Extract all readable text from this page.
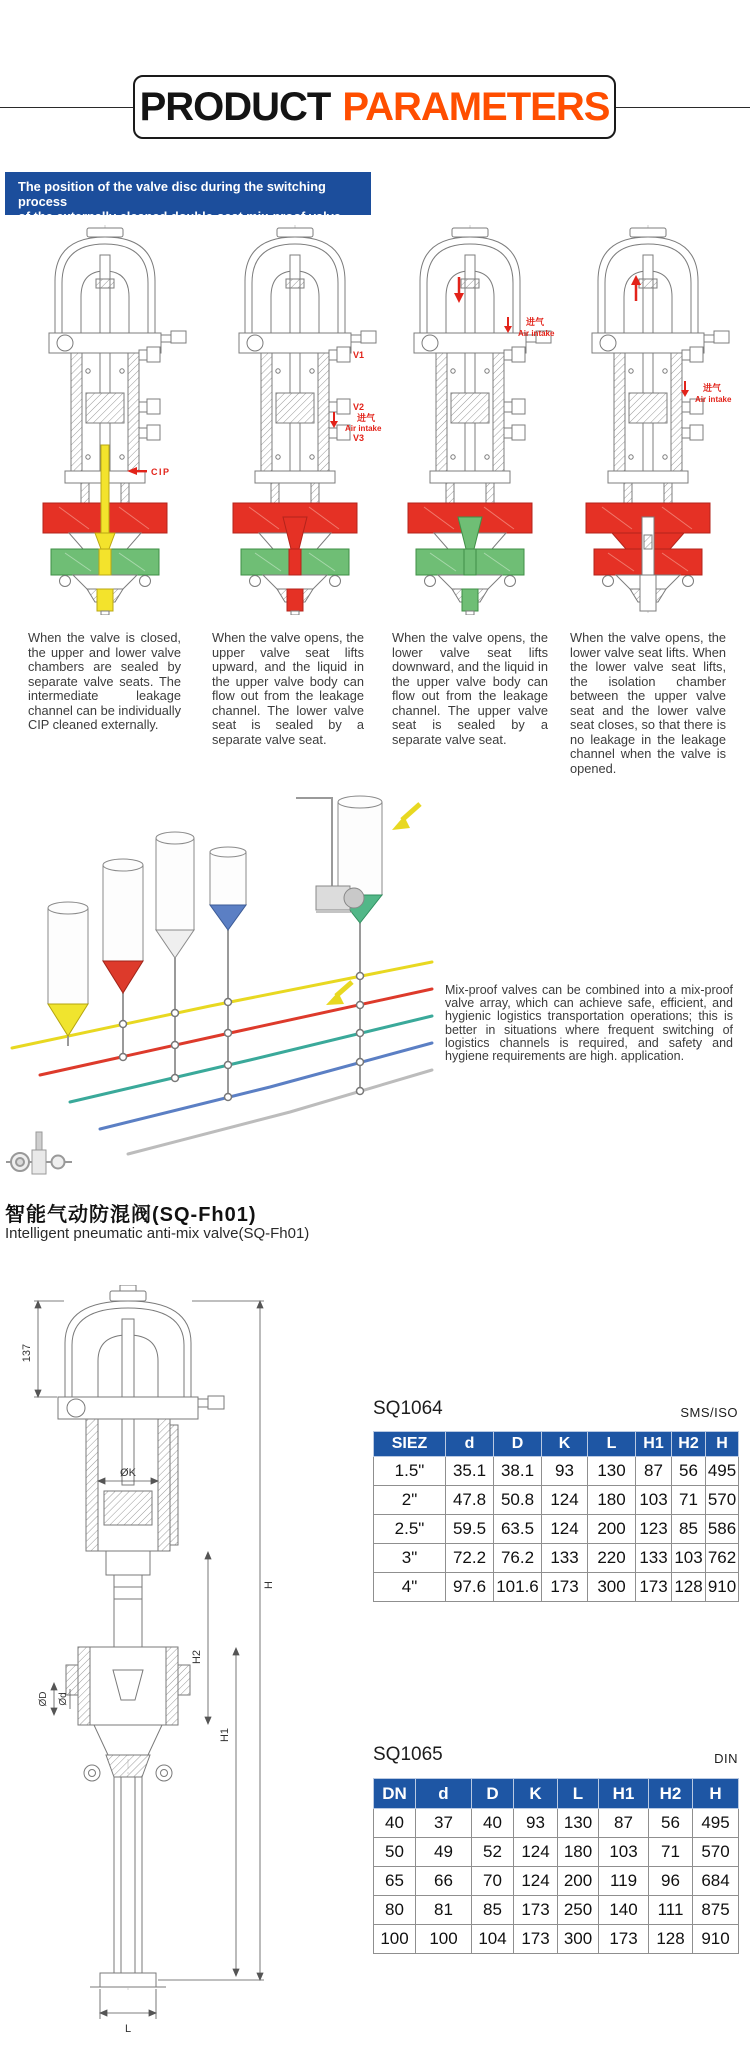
PRODUCT PARAMETERS
The position of the valve disc during the switching process
of the externally cleaned double-seat mix-proof valve
CIP
V1
V2
进气
Air intake
V3
进气
Air intake
进气
Air intake

When the valve is closed, the upper and lower valve chambers are sealed by separate valve seats. The intermediate leakage channel can be individually CIP cleaned externally.

When the valve opens, the upper valve seat lifts upward, and the liquid in the upper valve body can flow out from the leakage channel. The lower valve seat is sealed by a separate valve seat.

When the valve opens, the lower valve seat lifts downward, and the liquid in the upper valve body can flow out from the leakage channel. The upper valve seat is sealed by a separate valve seat.

When the valve opens, the lower valve seat lifts. When the lower valve seat lifts, the isolation chamber between the upper valve seat and the lower valve seat closes, so that there is no leakage in the leakage channel when the valve is opened.

Mix-proof valves can be combined into a mix-proof valve array, which can achieve safe, efficient, and hygienic logistics transportation operations; this is better in situations where frequent switching of logistics channels is required, and safety and hygiene requirements are high. application.

智能气动防混阀(SQ-Fh01)
Intelligent pneumatic anti-mix valve(SQ-Fh01)
137
ØK
H
H2
H1
ØD Ød
L
SQ1064	SMS/ISO
SIEZ	d	D	K	L	H1	H2	H
1.5"	35.1	38.1	93	130	87	56	495
2"	47.8	50.8	124	180	103	71	570
2.5"	59.5	63.5	124	200	123	85	586
3"	72.2	76.2	133	220	133	103	762
4"	97.6	101.6	173	300	173	128	910
SQ1065	DIN
DN	d	D	K	L	H1	H2	H
40	37	40	93	130	87	56	495
50	49	52	124	180	103	71	570
65	66	70	124	200	119	96	684
80	81	85	173	250	140	111	875
100	100	104	173	300	173	128	910
